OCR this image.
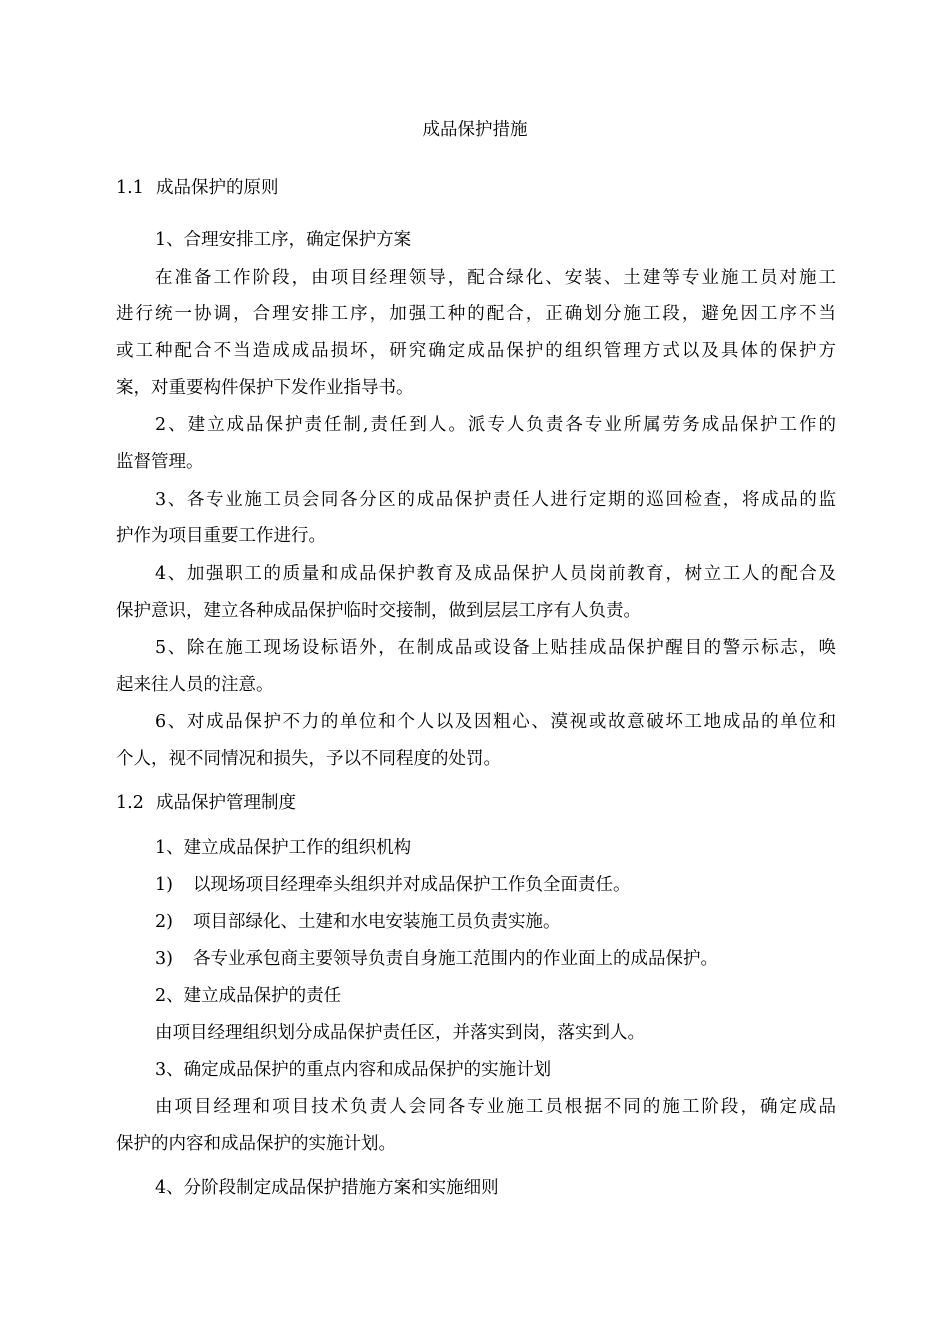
成品保护措施
1.1 成品保护的原则
1、合理安排工序，确定保护方案
在准备工作阶段，由项目经理领导，配合绿化、安装、土建等专业施工员对施工
进行统一协调，合理安排工序，加强工种的配合，正确划分施工段，避免因工序不当
或工种配合不当造成成品损坏，研究确定成品保护的组织管理方式以及具体的保护方
案，对重要构件保护下发作业指导书。
2、建立成品保护责任制,责任到人。派专人负责各专业所属劳务成品保护工作的
监督管理。
3、各专业施工员会同各分区的成品保护责任人进行定期的巡回检查，将成品的监
护作为项目重要工作进行。
4、加强职工的质量和成品保护教育及成品保护人员岗前教育，树立工人的配合及
保护意识，建立各种成品保护临时交接制，做到层层工序有人负责。
5、除在施工现场设标语外，在制成品或设备上贴挂成品保护醒目的警示标志，唤
起来往人员的注意。
6、对成品保护不力的单位和个人以及因粗心、漠视或故意破坏工地成品的单位和
个人，视不同情况和损失，予以不同程度的处罚。
1.2 成品保护管理制度
1、建立成品保护工作的组织机构
1) 以现场项目经理牵头组织并对成品保护工作负全面责任。
2) 项目部绿化、土建和水电安装施工员负责实施。
3) 各专业承包商主要领导负责自身施工范围内的作业面上的成品保护。
2、建立成品保护的责任
由项目经理组织划分成品保护责任区，并落实到岗，落实到人。
3、确定成品保护的重点内容和成品保护的实施计划
由项目经理和项目技术负责人会同各专业施工员根据不同的施工阶段，确定成品
保护的内容和成品保护的实施计划。
4、分阶段制定成品保护措施方案和实施细则
